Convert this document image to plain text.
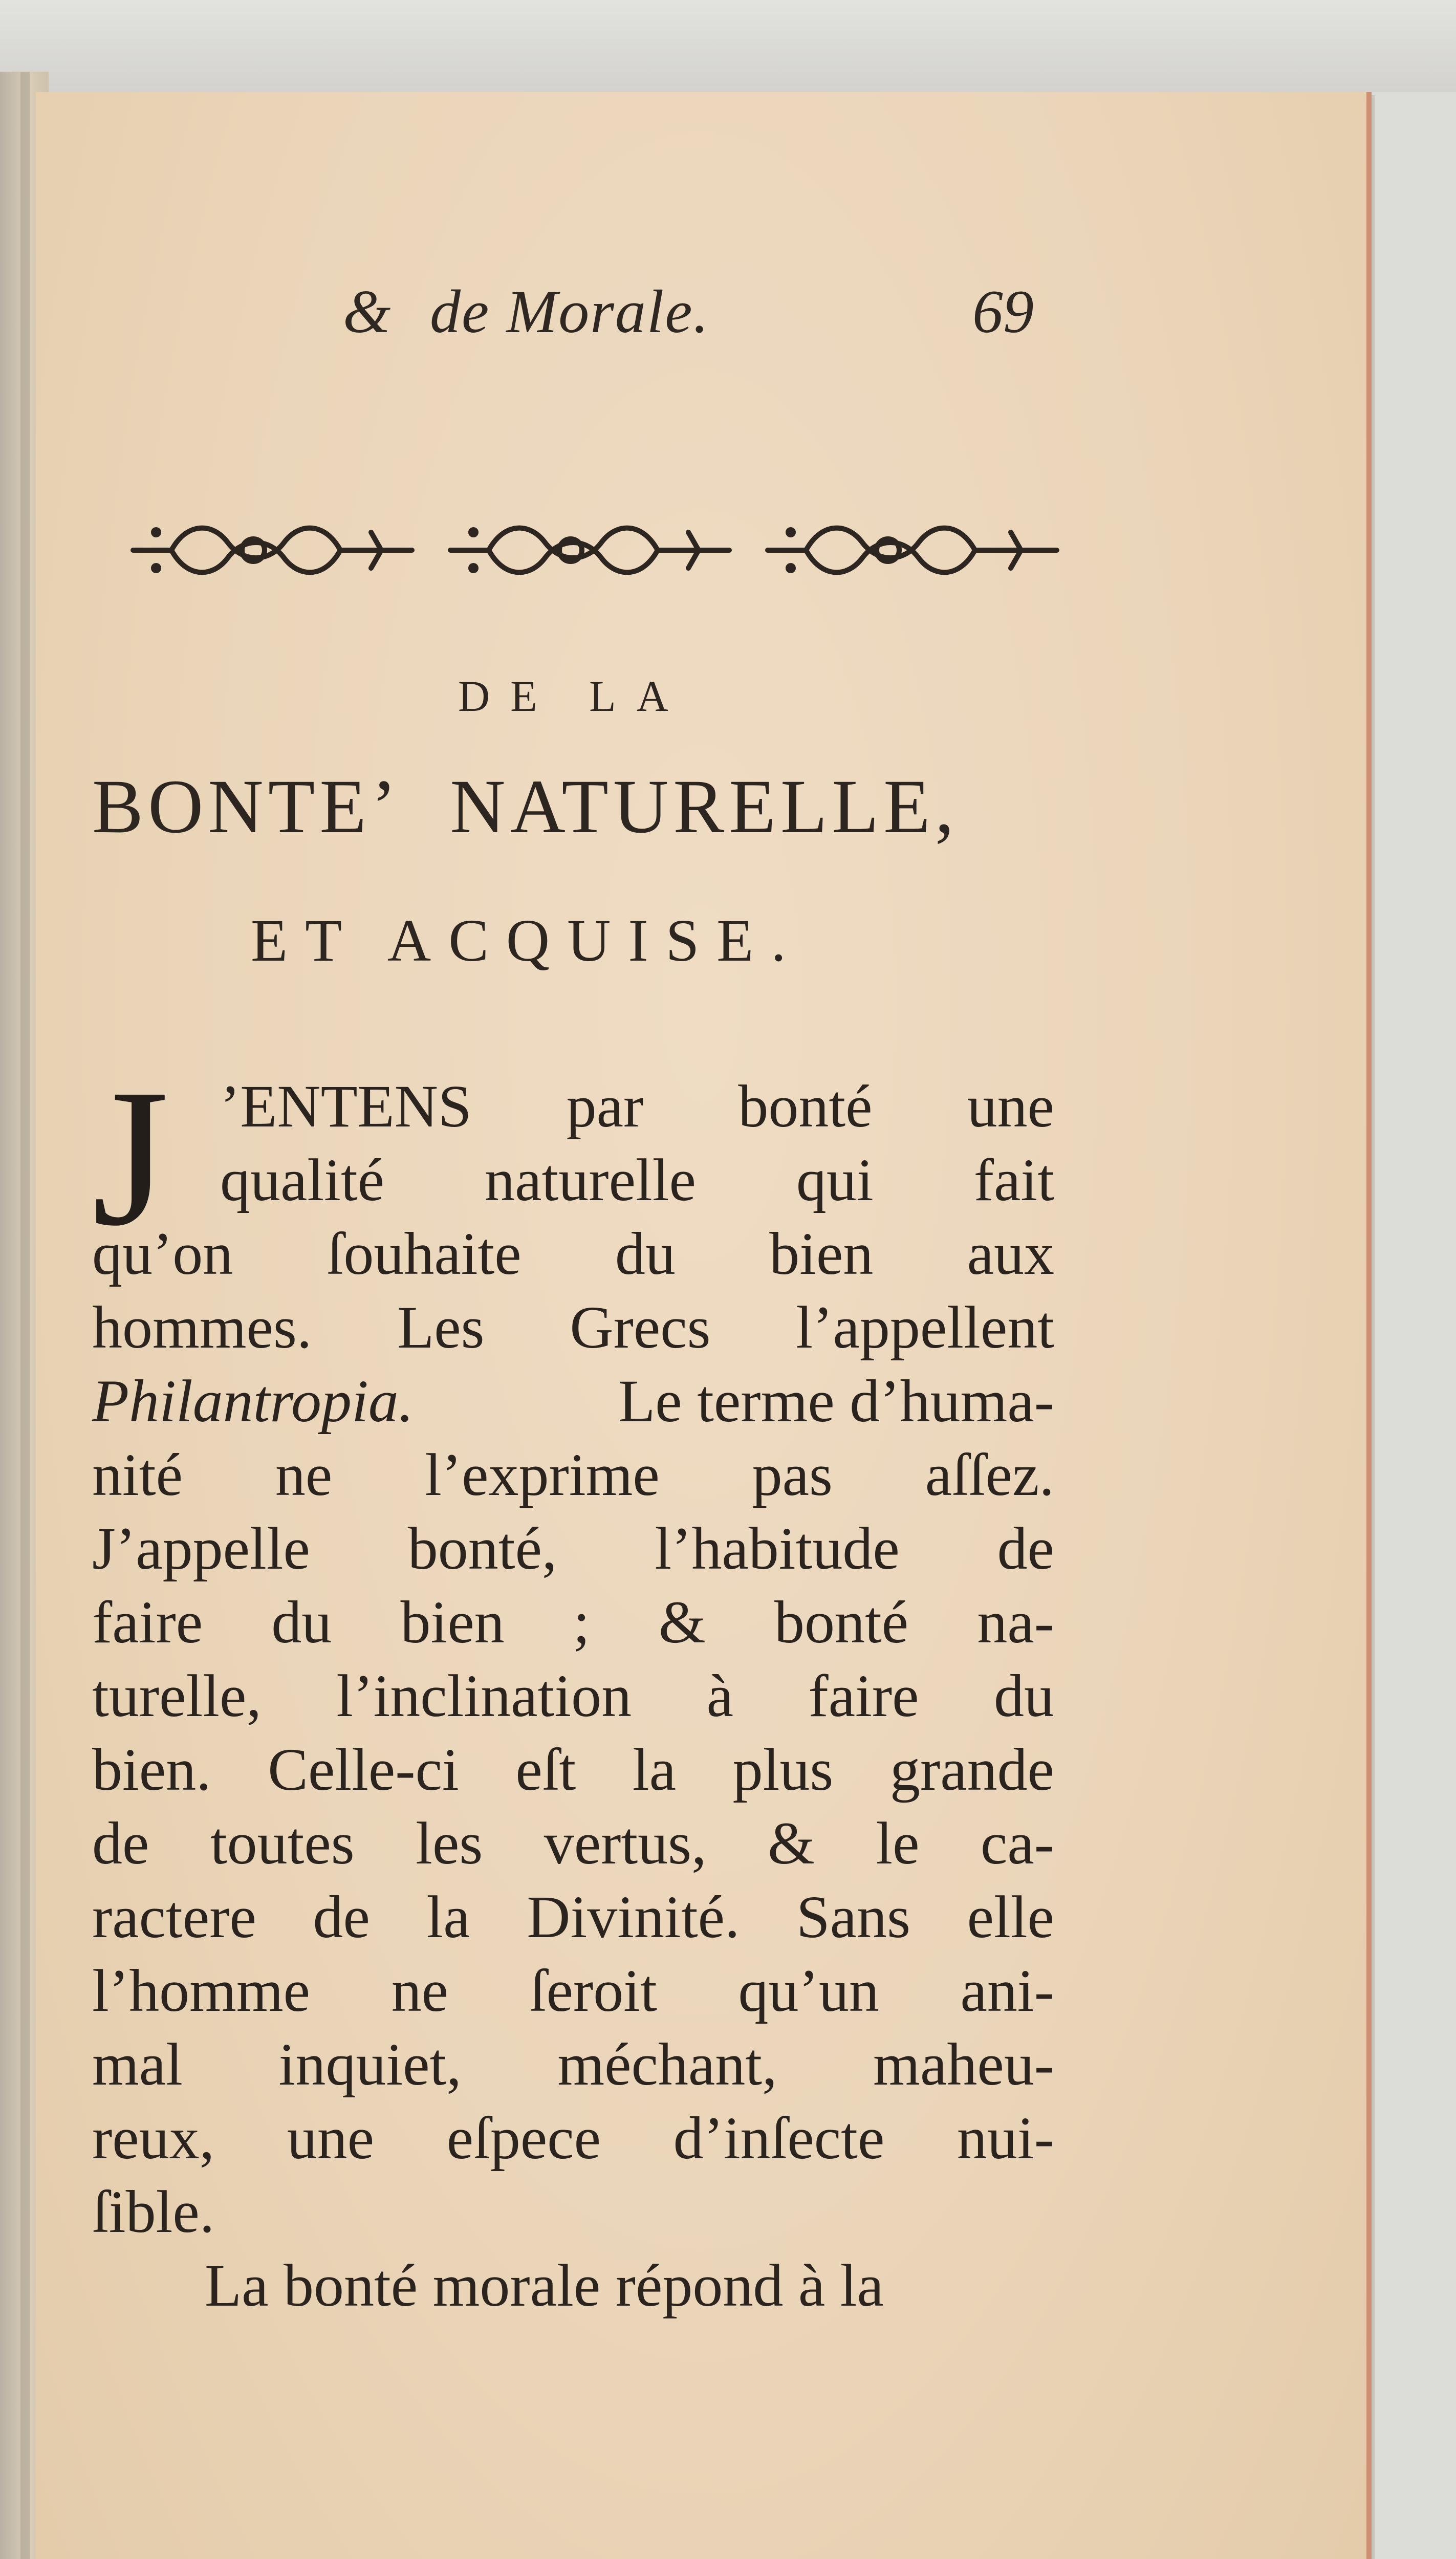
& de Morale.	69
DE LA
BONTE’ NATURELLE,
ET ACQUISE.
J ’ENTENS par bonté une
qualité naturelle qui fait
qu’on ſouhaite du bien aux
hommes. Les Grecs l’appellent
Philantropia.	Le terme d’huma-
nité ne l’exprime pas aſſez.
J’appelle bonté, l’habitude de
faire du bien ; & bonté na-
turelle, l’inclination à faire du
bien. Celle-ci eſt la plus grande
de toutes les vertus, & le ca-
ractere de la Divinité. Sans elle
l’homme ne ſeroit qu’un ani-
mal inquiet, méchant, maheu-
reux, une eſpece d’inſecte nui-
ſible.
La bonté morale répond à la
